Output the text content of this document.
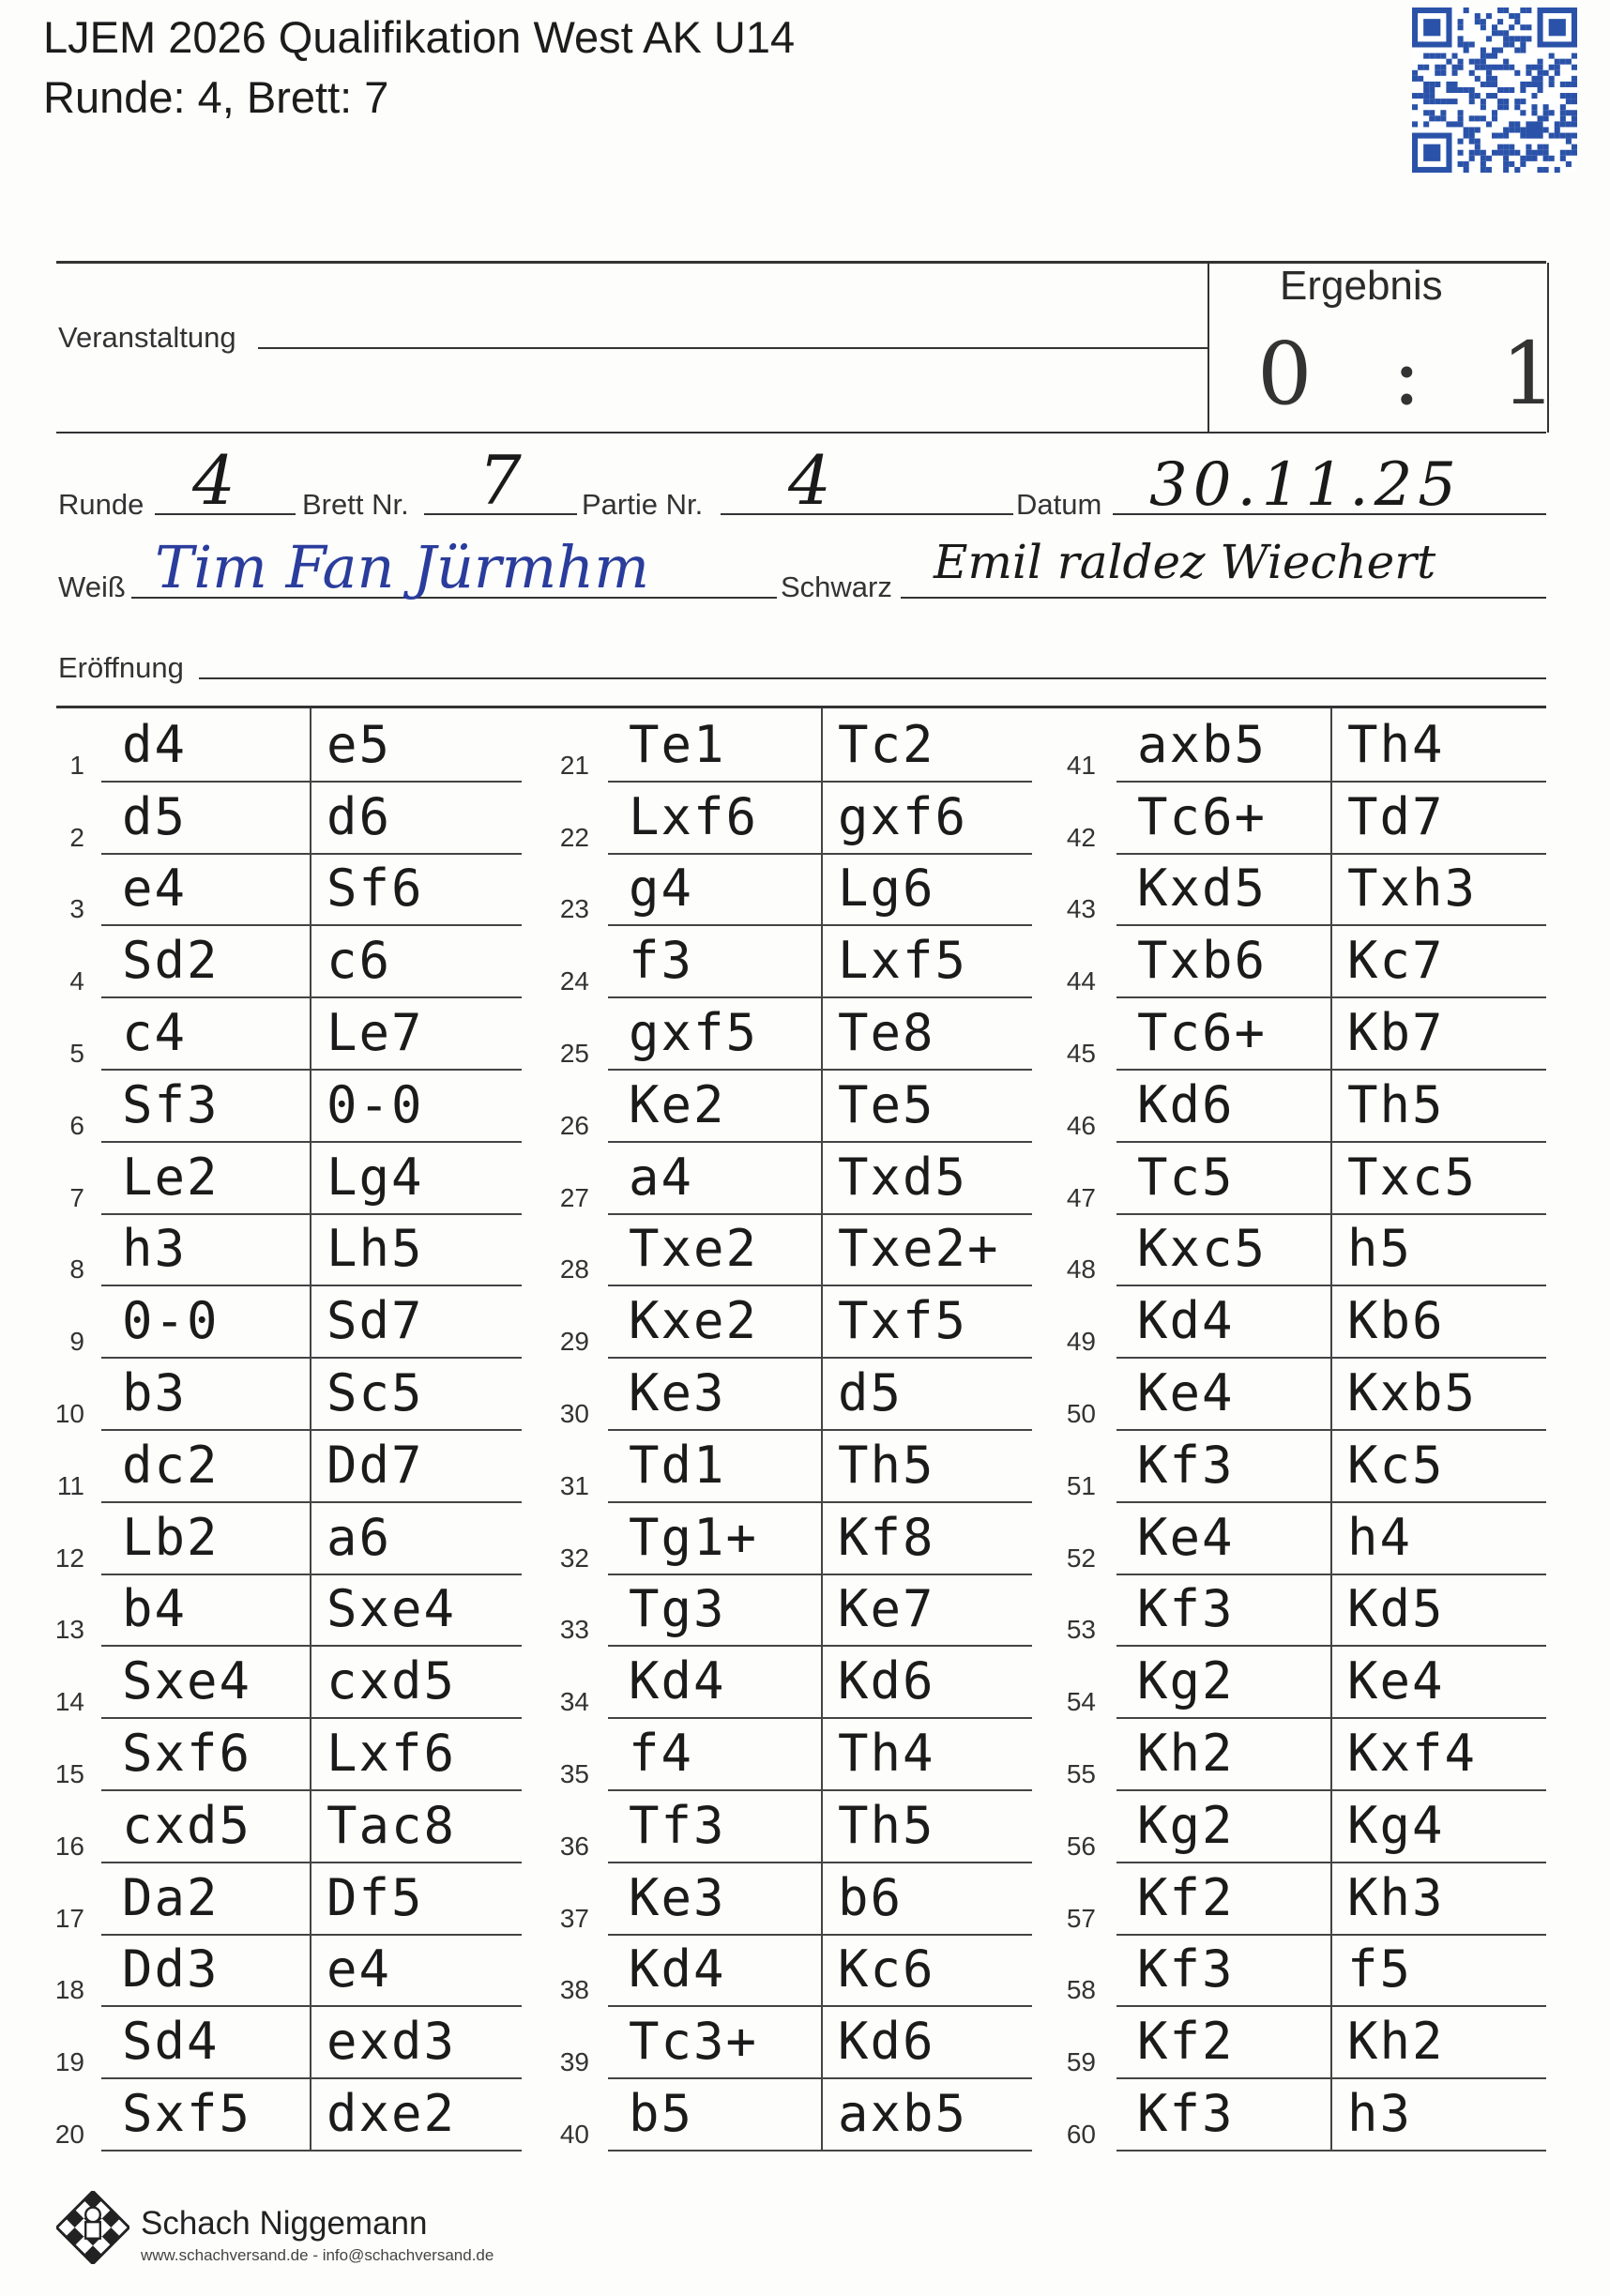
LJEM 2026 Qualifikation West AK U14
Runde: 4, Brett: 7
Ergebnis
0 : 1
Veranstaltung
Runde 4 Brett Nr. 7 Partie Nr. 4	Datum 30.11.25
Weiß Tim Fan Jürmhm	Schwarz Emil raldez Wiechert
Eröffnung
1 d4	e5
2 d5	d6
3 e4	Sf6
4 Sd2 c6
5 c4	Le7
6 Sf3 0-0
7 Le2 Lg4
8 h3	Lh5
9 0-0 Sd7
10 b3	Sc5
11 dc2 Dd7
12 Lb2 a6
13 b4	Sxe4
14 Sxe4 cxd5
15 Sxf6 Lxf6
16 cxd5 Tac8
17 Da2 Df5
18 Dd3 e4
19 Sd4 exd3
20 Sxf5 dxe2
21 Te1 Tc2
22 Lxf6 gxf6
23 g4	Lg6
24 f3	Lxf5
25 gxf5 Te8
26 Ke2 Te5
27 a4	Txd5
28 Txe2 Txe2+
29 Kxe2 Txf5
30 Ke3 d5
31 Td1 Th5
32 Tg1+ Kf8
33 Tg3 Ke7
34 Kd4 Kd6
35 f4	Th4
36 Tf3 Th5
37 Ke3 b6
38 Kd4 Kc6
39 Tc3+ Kd6
40 b5	axb5
41 axb5 Th4
42 Tc6+ Td7
43 Kxd5 Txh3
44 Txb6 Kc7
45 Tc6+ Kb7
46 Kd6 Th5
47 Tc5 Txc5
48 Kxc5 h5
49 Kd4 Kb6
50 Ke4 Kxb5
51 Kf3 Kc5
52 Ke4 h4
53 Kf3 Kd5
54 Kg2 Ke4
55 Kh2 Kxf4
56 Kg2 Kg4
57 Kf2 Kh3
58 Kf3 f5
59 Kf2 Kh2
60 Kf3 h3
Schach Niggemann
www.schachversand.de - info@schachversand.de
